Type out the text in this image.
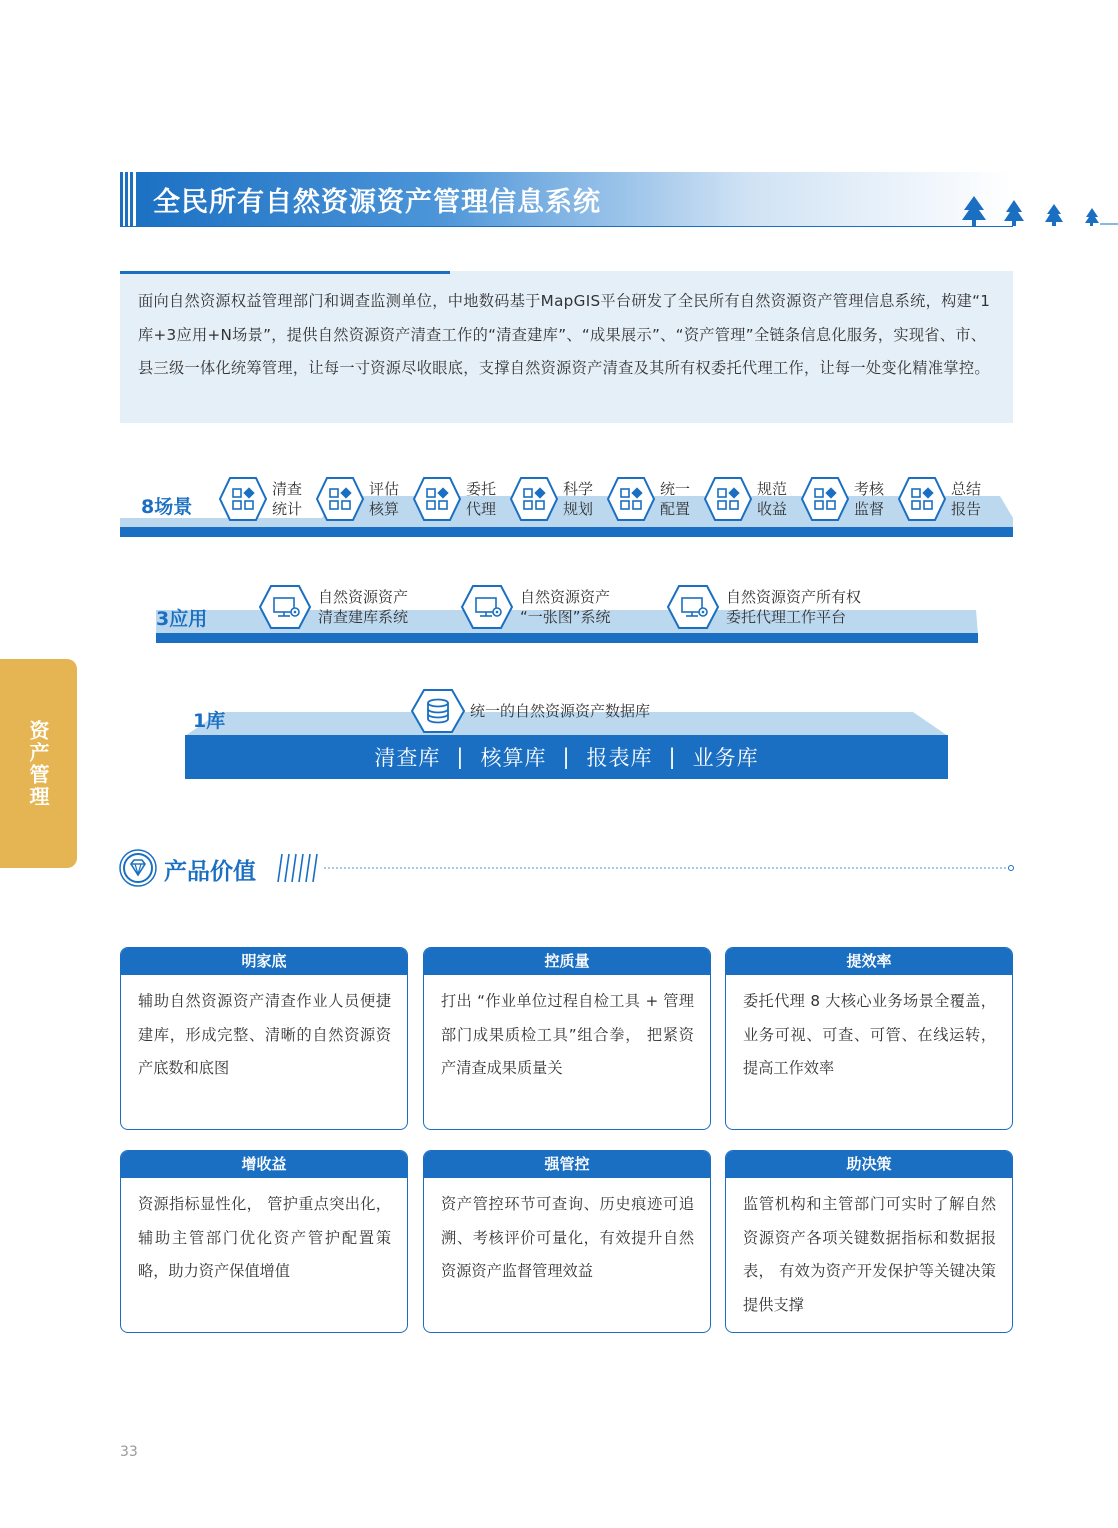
全民所有自然资源资产管理信息系统

面向自然资源权益管理部门和调查监测单位，中地数码基于MapGIS平台研发了全民所有自然资源资产管理信息系统，构建“1库+3应用+N场景”，提供自然资源资产清查工作的“清查建库”、“成果展示”、“资产管理”全链条信息化服务，实现省、市、县三级一体化统筹管理，让每一寸资源尽收眼底，支撑自然资源资产清查及其所有权委托代理工作，让每一处变化精准掌控。

8场景
清查
统计
评估
核算
委托
代理
科学
规划
统一
配置
规范
收益
考核
监督
总结
报告
3应用
自然资源资产
清查建库系统
自然资源资产
“一张图”系统
自然资源资产所有权
委托代理工作平台
1库	统一的自然资源资产数据库
清查库 | 核算库 | 报表库 | 业务库
产品价值
明家底
辅助自然资源资产清查作业人员便捷建库，形成完整、清晰的自然资源资产底数和底图
控质量
打出 “作业单位过程自检工具 + 管理部门成果质检工具”组合拳， 把紧资产清查成果质量关
提效率
委托代理 8 大核心业务场景全覆盖，业务可视、可查、可管、在线运转，提高工作效率
增收益
资源指标显性化， 管护重点突出化， 辅助主管部门优化资产管护配置策略，助力资产保值增值
强管控
资产管控环节可查询、历史痕迹可追溯、考核评价可量化，有效提升自然资源资产监督管理效益
助决策
监管机构和主管部门可实时了解自然资源资产各项关键数据指标和数据报表， 有效为资产开发保护等关键决策提供支撑
资产管理
33
